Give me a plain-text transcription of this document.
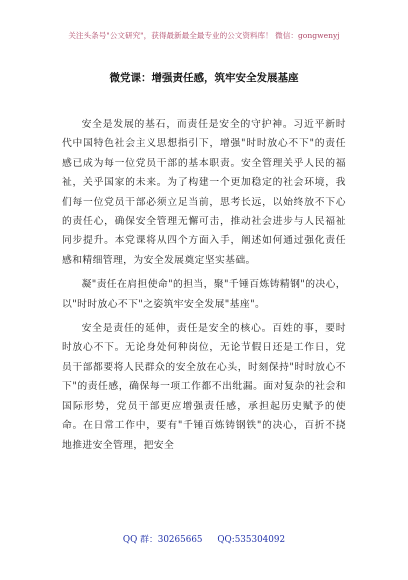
关注头条号"公文研究"，获得最新最全最专业的公文资料库！ 微信：gongwenyj
微党课：增强责任感，筑牢安全发展基座

安全是发展的基石，而责任是安全的守护神。习近平新时代中国特色社会主义思想指引下，增强"时时放心不下"的责任感已成为每一位党员干部的基本职责。安全管理关乎人民的福祉，关乎国家的未来。为了构建一个更加稳定的社会环境，我们每一位党员干部必须立足当前，思考长远，以始终放不下心的责任心，确保安全管理无懈可击，推动社会进步与人民福祉同步提升。本党课将从四个方面入手，阐述如何通过强化责任感和精细管理，为安全发展奠定坚实基础。

凝"责任在肩担使命"的担当，聚"千锤百炼铸精钢"的决心，以"时时放心不下"之姿筑牢安全发展"基座"。

安全是责任的延伸，责任是安全的核心。百姓的事，要时时放心不下。无论身处何种岗位，无论节假日还是工作日，党员干部都要将人民群众的安全放在心头，时刻保持"时时放心不下"的责任感，确保每一项工作都不出纰漏。面对复杂的社会和国际形势，党员干部更应增强责任感，承担起历史赋予的使命。在日常工作中，要有"千锤百炼铸钢铁"的决心，百折不挠地推进安全管理，把安全

QQ 群：30265665 QQ:535304092
